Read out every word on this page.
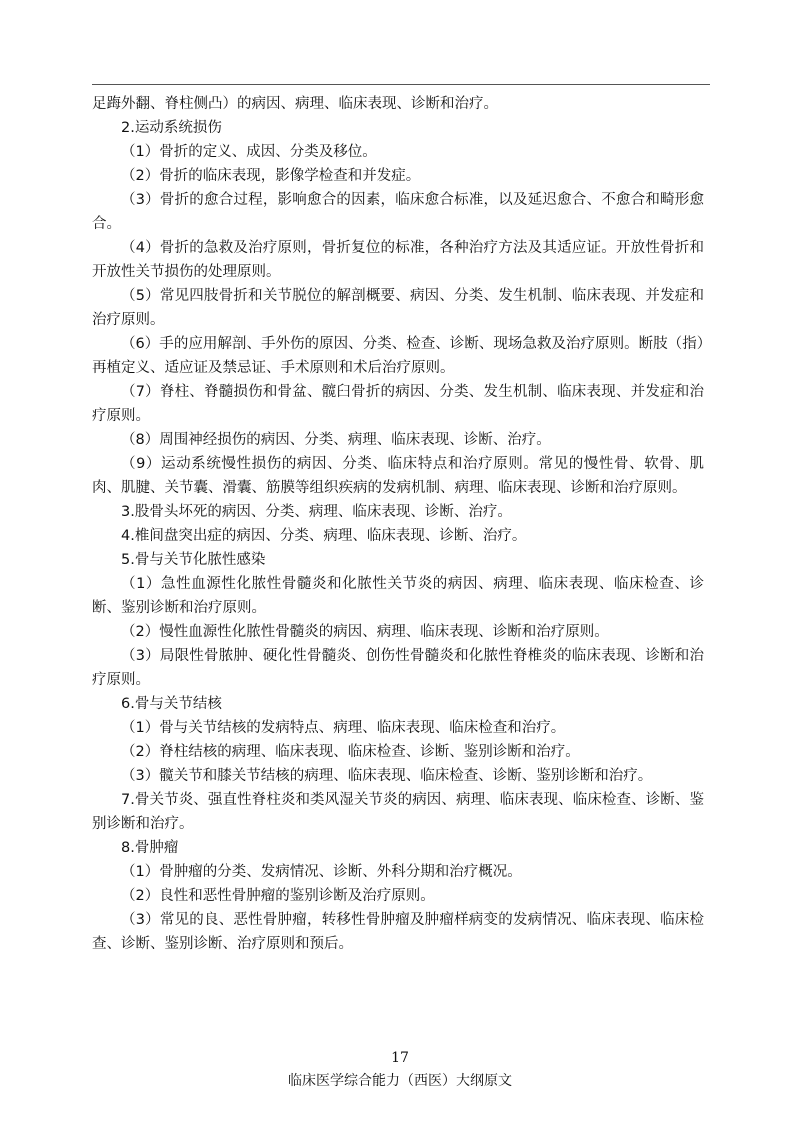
足踇外翻、脊柱侧凸）的病因、病理、临床表现、诊断和治疗。

2.运动系统损伤

（1）骨折的定义、成因、分类及移位。

（2）骨折的临床表现，影像学检查和并发症。

（3）骨折的愈合过程，影响愈合的因素，临床愈合标准，以及延迟愈合、不愈合和畸形愈合。

（4）骨折的急救及治疗原则，骨折复位的标准，各种治疗方法及其适应证。开放性骨折和开放性关节损伤的处理原则。

（5）常见四肢骨折和关节脱位的解剖概要、病因、分类、发生机制、临床表现、并发症和治疗原则。

（6）手的应用解剖、手外伤的原因、分类、检查、诊断、现场急救及治疗原则。断肢（指）再植定义、适应证及禁忌证、手术原则和术后治疗原则。

（7）脊柱、脊髓损伤和骨盆、髋臼骨折的病因、分类、发生机制、临床表现、并发症和治疗原则。

（8）周围神经损伤的病因、分类、病理、临床表现、诊断、治疗。

（9）运动系统慢性损伤的病因、分类、临床特点和治疗原则。常见的慢性骨、软骨、肌肉、肌腱、关节囊、滑囊、筋膜等组织疾病的发病机制、病理、临床表现、诊断和治疗原则。

3.股骨头坏死的病因、分类、病理、临床表现、诊断、治疗。

4.椎间盘突出症的病因、分类、病理、临床表现、诊断、治疗。

5.骨与关节化脓性感染

（1）急性血源性化脓性骨髓炎和化脓性关节炎的病因、病理、临床表现、临床检查、诊断、鉴别诊断和治疗原则。

（2）慢性血源性化脓性骨髓炎的病因、病理、临床表现、诊断和治疗原则。

（3）局限性骨脓肿、硬化性骨髓炎、创伤性骨髓炎和化脓性脊椎炎的临床表现、诊断和治疗原则。

6.骨与关节结核

（1）骨与关节结核的发病特点、病理、临床表现、临床检查和治疗。

（2）脊柱结核的病理、临床表现、临床检查、诊断、鉴别诊断和治疗。

（3）髋关节和膝关节结核的病理、临床表现、临床检查、诊断、鉴别诊断和治疗。

7.骨关节炎、强直性脊柱炎和类风湿关节炎的病因、病理、临床表现、临床检查、诊断、鉴别诊断和治疗。

8.骨肿瘤

（1）骨肿瘤的分类、发病情况、诊断、外科分期和治疗概况。

（2）良性和恶性骨肿瘤的鉴别诊断及治疗原则。

（3）常见的良、恶性骨肿瘤，转移性骨肿瘤及肿瘤样病变的发病情况、临床表现、临床检查、诊断、鉴别诊断、治疗原则和预后。

17
临床医学综合能力（西医）大纲原文
